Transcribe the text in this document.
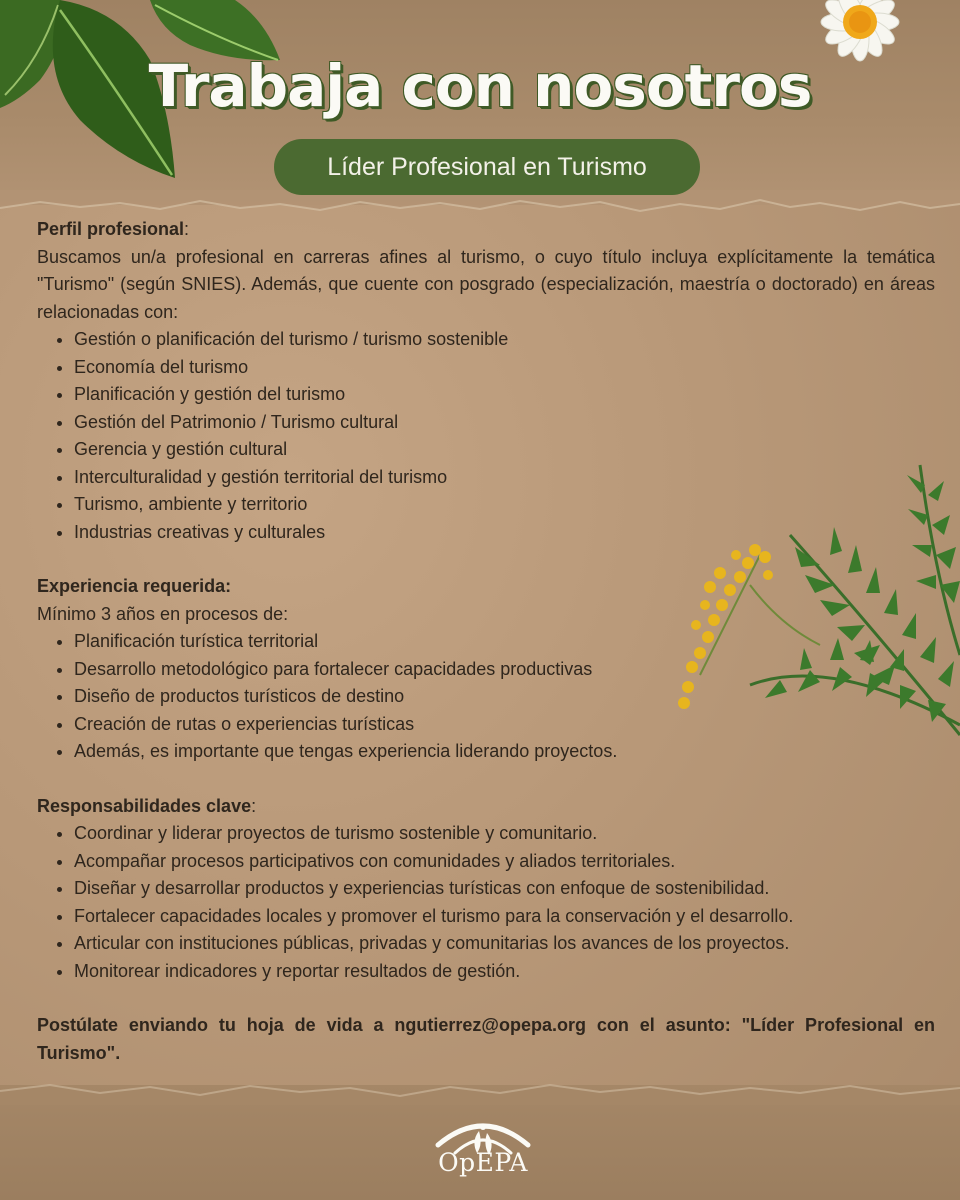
Trabaja con nosotros
Líder Profesional en Turismo

Perfil profesional:

Buscamos un/a profesional en carreras afines al turismo, o cuyo título incluya explícitamente la temática "Turismo" (según SNIES). Además, que cuente con posgrado (especialización, maestría o doctorado) en áreas relacionadas con:

• Gestión o planificación del turismo / turismo sostenible
• Economía del turismo
• Planificación y gestión del turismo
• Gestión del Patrimonio / Turismo cultural
• Gerencia y gestión cultural
• Interculturalidad y gestión territorial del turismo
• Turismo, ambiente y territorio
• Industrias creativas y culturales

Experiencia requerida:

Mínimo 3 años en procesos de:

• Planificación turística territorial
• Desarrollo metodológico para fortalecer capacidades productivas
• Diseño de productos turísticos de destino
• Creación de rutas o experiencias turísticas
• Además, es importante que tengas experiencia liderando proyectos.

Responsabilidades clave:

• Coordinar y liderar proyectos de turismo sostenible y comunitario.
• Acompañar procesos participativos con comunidades y aliados territoriales.
• Diseñar y desarrollar productos y experiencias turísticas con enfoque de sostenibilidad.
• Fortalecer capacidades locales y promover el turismo para la conservación y el desarrollo.
• Articular con instituciones públicas, privadas y comunitarias los avances de los proyectos.
• Monitorear indicadores y reportar resultados de gestión.

Postúlate enviando tu hoja de vida a ngutierrez@opepa.org con el asunto: "Líder Profesional en Turismo".

OpEPA
